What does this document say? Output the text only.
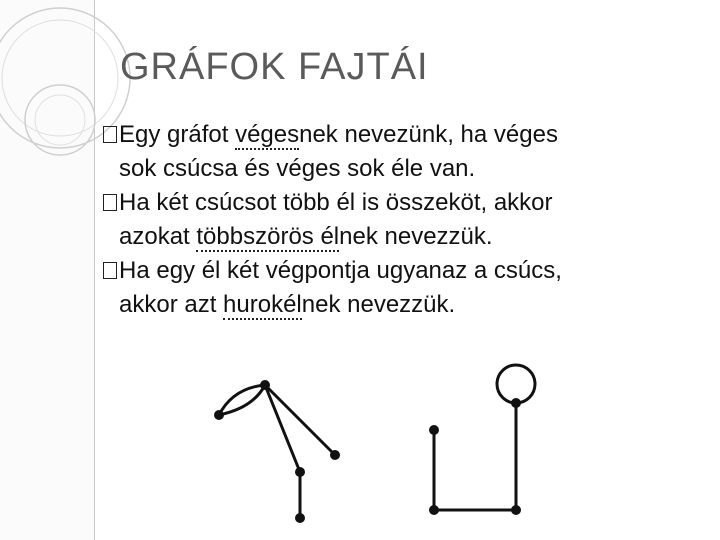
GRÁFOK FAJTÁI
Egy gráfot végesnek nevezünk, ha véges
sok csúcsa és véges sok éle van.
Ha két csúcsot több él is összeköt, akkor
azokat többszörös élnek nevezzük.
Ha egy él két végpontja ugyanaz a csúcs,
akkor azt hurokélnek nevezzük.
